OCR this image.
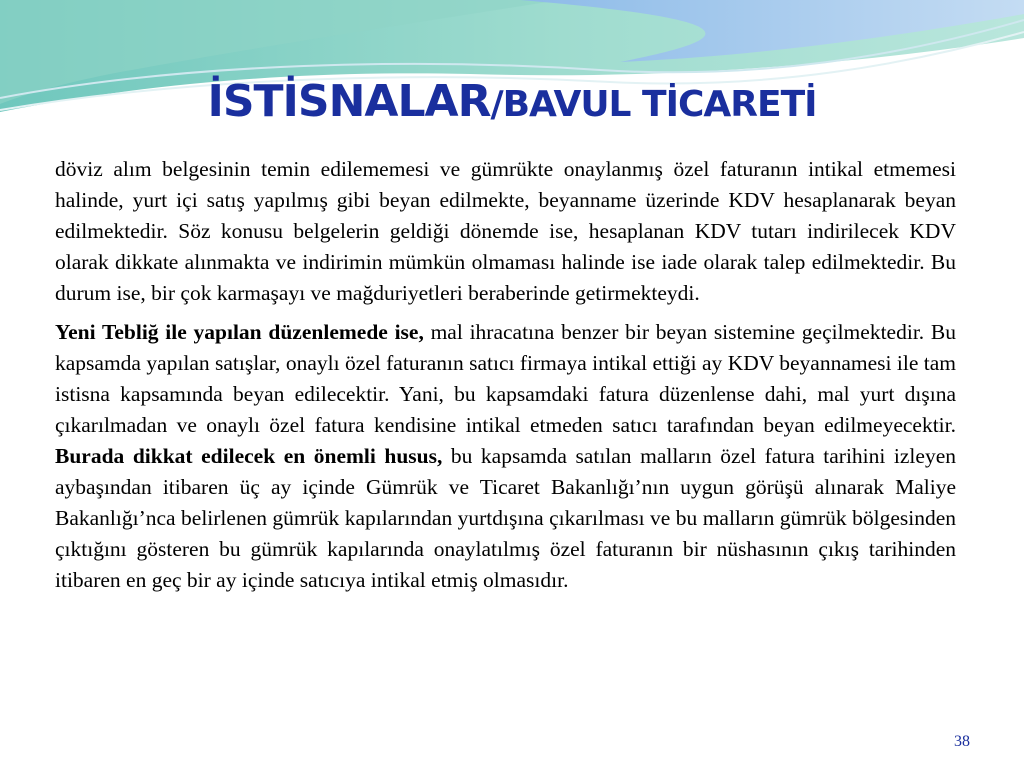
İSTİSNALAR/BAVUL TİCARETİ

döviz alım belgesinin temin edilememesi ve gümrükte onaylanmış özel faturanın intikal etmemesi halinde, yurt içi satış yapılmış gibi beyan edilmekte, beyanname üzerinde KDV hesaplanarak beyan edilmektedir. Söz konusu belgelerin geldiği dönemde ise, hesaplanan KDV tutarı indirilecek KDV olarak dikkate alınmakta ve indirimin mümkün olmaması halinde ise iade olarak talep edilmektedir. Bu durum ise, bir çok karmaşayı ve mağduriyetleri beraberinde getirmekteydi.

Yeni Tebliğ ile yapılan düzenlemede ise, mal ihracatına benzer bir beyan sistemine geçilmektedir. Bu kapsamda yapılan satışlar, onaylı özel faturanın satıcı firmaya intikal ettiği ay KDV beyannamesi ile tam istisna kapsamında beyan edilecektir. Yani, bu kapsamdaki fatura düzenlense dahi, mal yurt dışına çıkarılmadan ve onaylı özel fatura kendisine intikal etmeden satıcı tarafından beyan edilmeyecektir. Burada dikkat edilecek en önemli husus, bu kapsamda satılan malların özel fatura tarihini izleyen aybaşından itibaren üç ay içinde Gümrük ve Ticaret Bakanlığı’nın uygun görüşü alınarak Maliye Bakanlığı’nca belirlenen gümrük kapılarından yurtdışına çıkarılması ve bu malların gümrük bölgesinden çıktığını gösteren bu gümrük kapılarında onaylatılmış özel faturanın bir nüshasının çıkış tarihinden itibaren en geç bir ay içinde satıcıya intikal etmiş olmasıdır.

38
